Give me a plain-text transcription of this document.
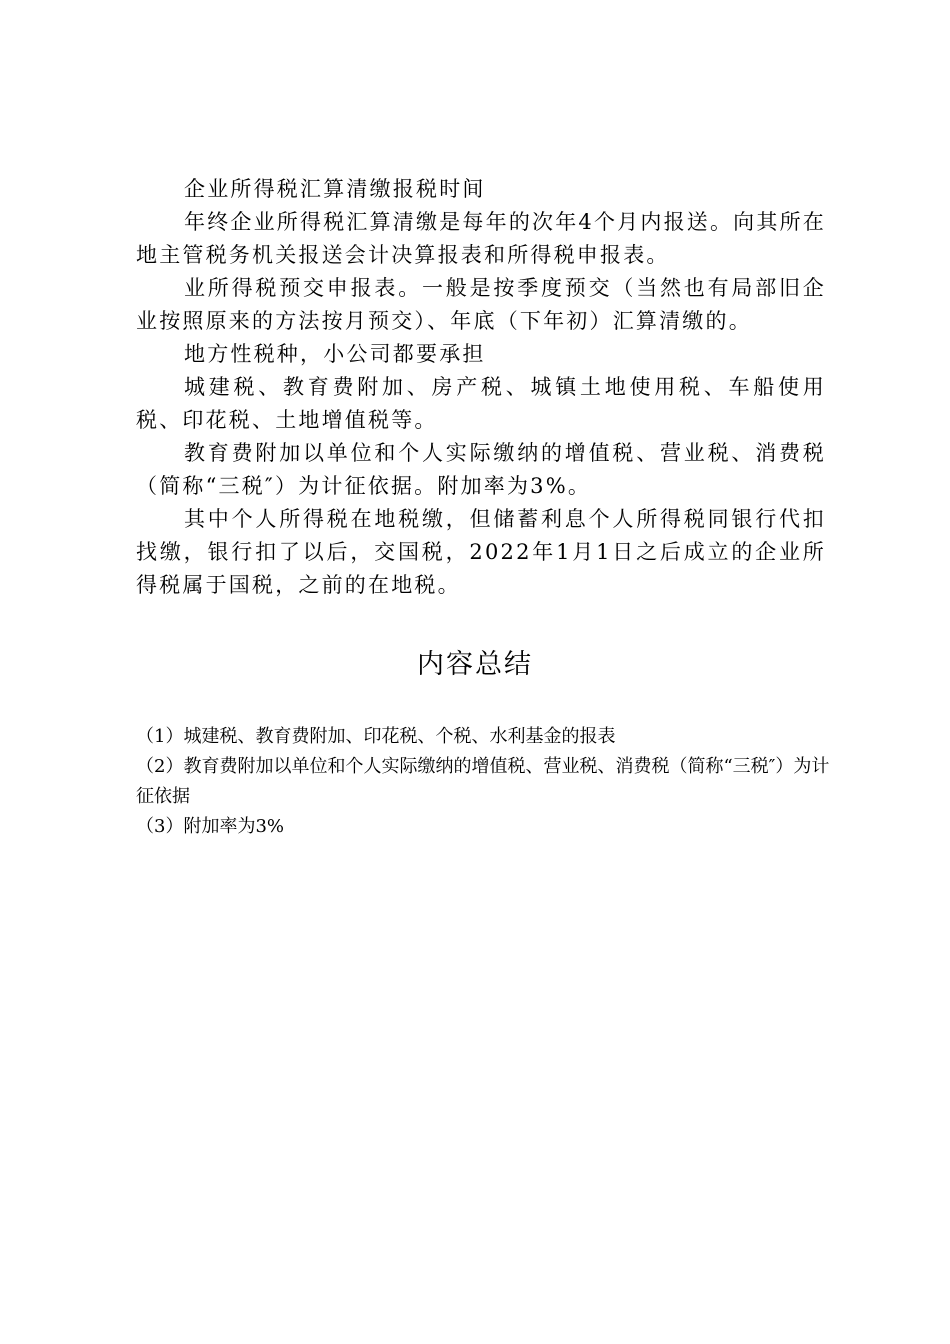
企业所得税汇算清缴报税时间

年终企业所得税汇算清缴是每年的次年4个月内报送。向其所在地主管税务机关报送会计决算报表和所得税申报表。

业所得税预交申报表。一般是按季度预交（当然也有局部旧企业按照原来的方法按月预交）、年底（下年初）汇算清缴的。

地方性税种，小公司都要承担

城建税、教育费附加、房产税、城镇土地使用税、车船使用税、印花税、土地增值税等。

教育费附加以单位和个人实际缴纳的增值税、营业税、消费税（简称“三税″）为计征依据。附加率为3%。

其中个人所得税在地税缴，但储蓄利息个人所得税同银行代扣找缴，银行扣了以后，交国税，2022年1月1日之后成立的企业所得税属于国税，之前的在地税。

内容总结

（1）城建税、教育费附加、印花税、个税、水利基金的报表

（2）教育费附加以单位和个人实际缴纳的增值税、营业税、消费税（简称“三税″）为计征依据

（3）附加率为3%
